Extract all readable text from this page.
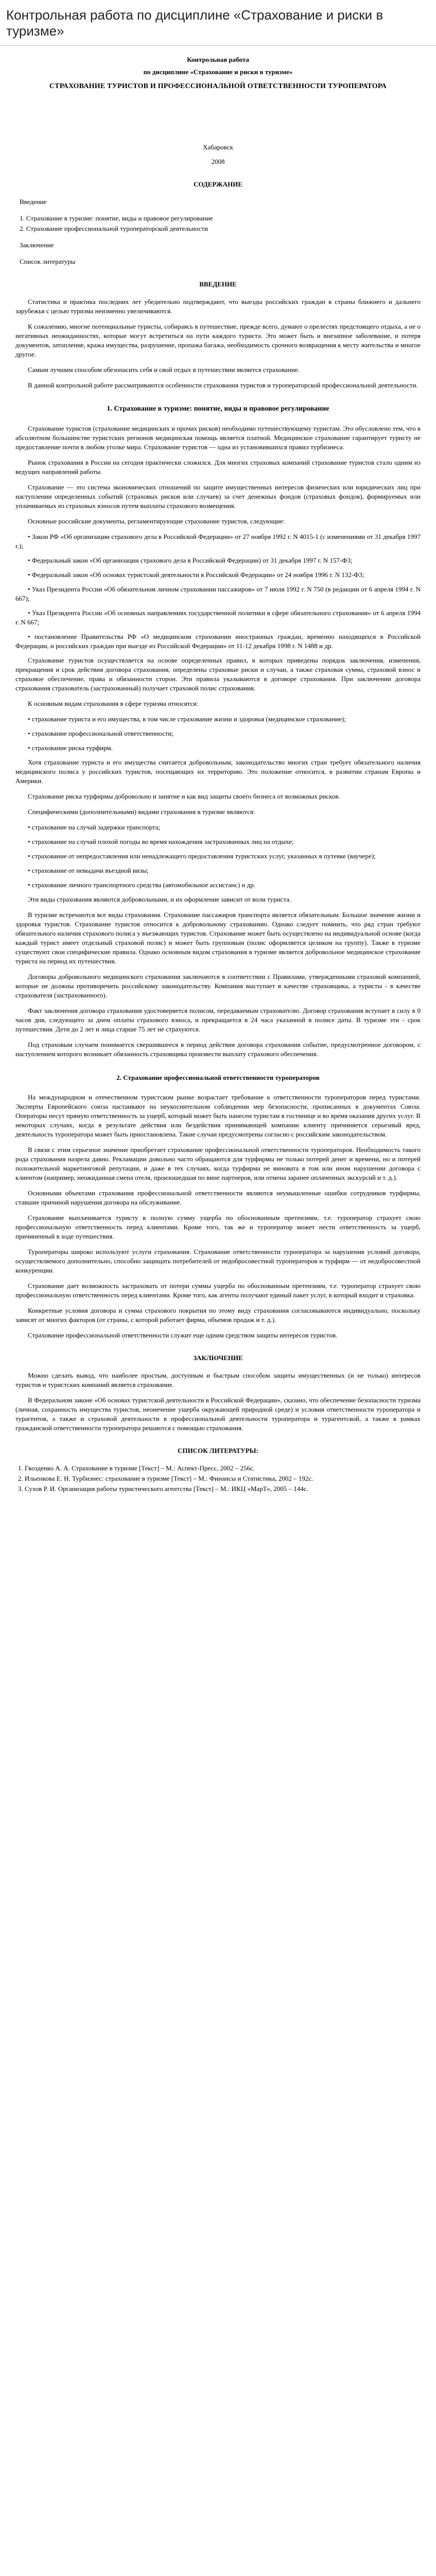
Контрольная работа по дисциплине «Страхование и риски в туризме»

Контрольная работа

по дисциплине «Страхование и риски в туризме»

СТРАХОВАНИЕ ТУРИСТОВ И ПРОФЕССИОНАЛЬНОЙ ОТВЕТСТВЕННОСТИ ТУРОПЕРАТОРА

Хабаровск

2008

СОДЕРЖАНИЕ

Введение

1. Страхование в туризме: понятие, виды и правовое регулирование

2. Страхование профессиональной туроператорской деятельности

Заключение

Список литературы

ВВЕДЕНИЕ

Статистика и практика последних лет убедительно подтверждают, что выезды российских граждан в страны ближнего и дальнего зарубежья с целью туризма неизменно увеличиваются.

К сожалению, многие потенциальные туристы, собираясь в путешествие, прежде всего, думают о прелестях предстоящего отдыха, а не о негативных неожиданностях, которые могут встретиться на пути каждого туриста. Это может быть и внезапное заболевание, и потеря документов, затопление, кража имущества, разрушение, пропажа багажа, необходимость срочного возвращения к месту жительства и многое другое.

Самым лучшим способом обезопасить себя и свой отдых в путешествии является страхование.

В данной контрольной работе рассматриваются особенности страхования туристов и туроператорской профессиональной деятельности.

1. Страхование в туризме: понятие, виды и правовое регулирование

Страхование туристов (страхование медицинских и прочих рисков) необходимо путешествующему туристам. Это обусловлено тем, что в абсолютном большинстве туристских регионов медицинская помощь является платной. Медицинское страхование гарантирует туристу не предоставление почти в любом уголке мира. Страхование туристов — одна из установившихся правил турбизнеса.

Рынок страхования в России на сегодня практически сложился. Для многих страховых компаний страхование туристов стало одним из ведущих направлений работы.

Страхование — это система экономических отношений по защите имущественных интересов физических или юридических лиц при наступлении определенных событий (страховых рисков или случаев) за счет денежных фондов (страховых фондов), формируемых или уплачиваемых из страховых взносов путем выплаты страхового возмещения.

Основные российские документы, регламентирующие страхование туристов, следующие:

• Закон РФ «Об организации страхового дела в Российской Федерации» от 27 ноября 1992 г. N 4015-1 (с изменениями от 31 декабря 1997 г.);

• Федеральный закон «Об организации страхового дела в Российской Федерации) от 31 декабря 1997 г. N 157-Ф3;

• Федеральный закон «Об основах туристской деятельности в Российской Федерации» от 24 ноября 1996 г. N 132-Ф3;

• Указ Президента России «Об обязательном личном страховании пассажиров» от 7 июля 1992 г. N 750 (в редакции от 6 апреля 1994 г. N 667);

• Указ Президента России «Об основных направлениях государственной политики в сфере обязательного страхования» от 6 апреля 1994 г. N 667;

• постановление Правительства РФ «О медицинском страховании иностранных граждан, временно находящихся в Российской Федерации, и российских граждан при выезде из Российской Федерации» от 11-12 декабря 1998 г. N 1488 и др.

Страхование туристов осуществляется на основе определенных правил, в которых приведены порядок заключения, изменения, прекращения и срок действия договора страхования, определены страховые риски и случаи, а также страховая сумма, страховой взнос и страховое обеспечение, права и обязанности сторон. Эти правила указываются в договоре страхования. При заключении договора страхования страхователь (застрахованный) получает страховой полис страхования.

К основным видам страхования в сфере туризма относятся:

• страхование туриста и его имущества, в том числе страхование жизни и здоровья (медицинское страхование);

• страхование профессиональной ответственности;

• страхование риска турфирм.

Хотя страхование туриста и его имущества считается добровольным, законодательство многих стран требует обязательного наличия медицинского полиса у российских туристов, посещающих их территорию. Это положение относится, в развитии странам Европы и Америки.

Страхование риска турфирмы добровольно и занятие и как вид защиты своего бизнеса от возможных рисков.

Специфическими (дополнительными) видами страхования в туризме являются:

• страхование на случай задержки транспорта;

• страхование на случай плохой погоды во время нахождения застрахованных лиц на отдыхе;

• страхование от непредоставления или ненадлежащего предоставления туристских услуг, указанных в путевке (ваучере);

• страхование от невыдачи въездной визы;

• страхование личного транспортного средства (автомобильное ассистанс) и др.

Эти виды страхования являются добровольными, и их оформление зависит от воли туриста.

В туризме встречаются все виды страхования. Страхование пассажиров транспорта является обязательным. Большое значение жизни и здоровья туристов. Страхование туристов относится к добровольному страхованию. Однако следует помнить, что ряд стран требуют обязательного наличия страхового полиса у въезжающих туристов. Страхование может быть осуществлено на индивидуальной основе (когда каждый турист имеет отдельный страховой полис) и может быть групповым (полис оформляется целиком на группу). Также в туризме существуют свои специфические правила. Однако основным видом страхования в туризме является добровольное медицинское страхование туриста на период их путешествия.

Договоры добровольного медицинского страхования заключаются в соответствии с Правилами, утвержденными страховой компанией, которые не должны противоречить российскому законодательству. Компания выступает в качестве страховщика, а туристы - в качестве страхователя (застрахованного).

Факт заключения договора страхования удостоверяется полисом, передаваемым страхователю. Договор страхования вступает в силу в 0 часов дня, следующего за днем оплаты страхового взноса, и прекращается в 24 часа указанной в полисе даты. В туризме эти - срок путешествия. Дети до 2 лет и лица старше 75 лет не страхуются.

Под страховым случаем понимается свершившееся в период действия договора страхования событие, предусмотренное договором, с наступлением которого возникает обязанность страховщика произвести выплату страхового обеспечения.

2. Страхование профессиональной ответственности туроператоров

На международном и отечественном туристском рынке возрастает требование к ответственности туроператоров перед туристами. Эксперты Европейского союза настаивают на неукоснительном соблюдении мер безопасности, прописанных в документах Союза. Операторы несут прямую ответственность за ущерб, который может быть нанесен туристам в гостинице и во время оказания других услуг. В некоторых случаях, когда в результате действия или бездействия принимающей компании клиенту причиняется серьезный вред, деятельность туроператора может быть приостановлена. Такие случаи предусмотрены согласно с российским законодательством.

В связи с этим серьезное значение приобретает страхование профессиональной ответственности туроператоров. Необходимость такого рода страхования назрела давно. Рекламации довольно часто обращаются для турфирмы не только потерей денег и времени, но и потерей положительной маркетинговой репутации, и даже в тех случаях, когда турфирма не виновата в том или ином нарушении договора с клиентом (например, неожиданная смена отеля, произошедшая по вине партнеров, или отмена заранее оплаченных экскурсий и т. д.).

Основными объектами страхования профессиональной ответственности являются неумышленные ошибки сотрудников турфирмы, ставшие причиной нарушения договора на обслуживание.

Страхование выплачивается туристу в полную сумму ущерба по обоснованным претензиям, т.е. туроператор страхует свою профессиональную ответственность перед клиентами. Кроме того, так же и туроператор может нести ответственность за ущерб, причиненный в ходе путешествия.

Туроператоры широко используют услуги страхования. Страхование ответственности туроператора за нарушения условий договора, осуществляемого дополнительно, способно защищать потребителей от недобросовестной туроператоров и турфирм — от недобросовестной конкуренции.

Страхование дает возможность застраховать от потери суммы ущерба по обоснованным претензиям, т.е. туроператор страхует свою профессиональную ответственность перед клиентами. Кроме того, как агенты получают единый пакет услуг, в который входит и страховка.

Конкретные условия договора и сумма страхового покрытия по этому виду страхования согласовываются индивидуально, поскольку зависят от многих факторов (от страны, с которой работает фирма, объемов продаж и т. д.).

Страхование профессиональной ответственности служит еще одним средством защиты интересов туристов.

ЗАКЛЮЧЕНИЕ

Можно сделать вывод, что наиболее простым, доступным и быстрым способом защиты имущественных (и не только) интересов туристов и туристских компаний является страхование.

В Федеральном законе «Об основах туристской деятельности в Российской Федерации», сказано, что обеспечение безопасности туризма (личная, сохранность имущества туристов, неонечение ущерба окружающей природной среде) и условия ответственности туроператора и турагентов, а также и страховой деятельности в профессиональной деятельности туроператора и турагентской, а также в рамках гражданской ответственности туроператора решаются с помощью страхования.

СПИСОК ЛИТЕРАТУРЫ:
1. Гвозденко А. А. Страхование в туризме [Текст] – М.: Аспект-Пресс, 2002 – 256с.
2. Ильенкова Е. Н. Турбизнес: страхование в туризме [Текст] – М.: Финансы и Статистика, 2002 – 192с.
3. Сухов Р. И. Организация работы туристического агентства [Текст] – М.: ИКЦ «МарТ», 2005 – 144с.
